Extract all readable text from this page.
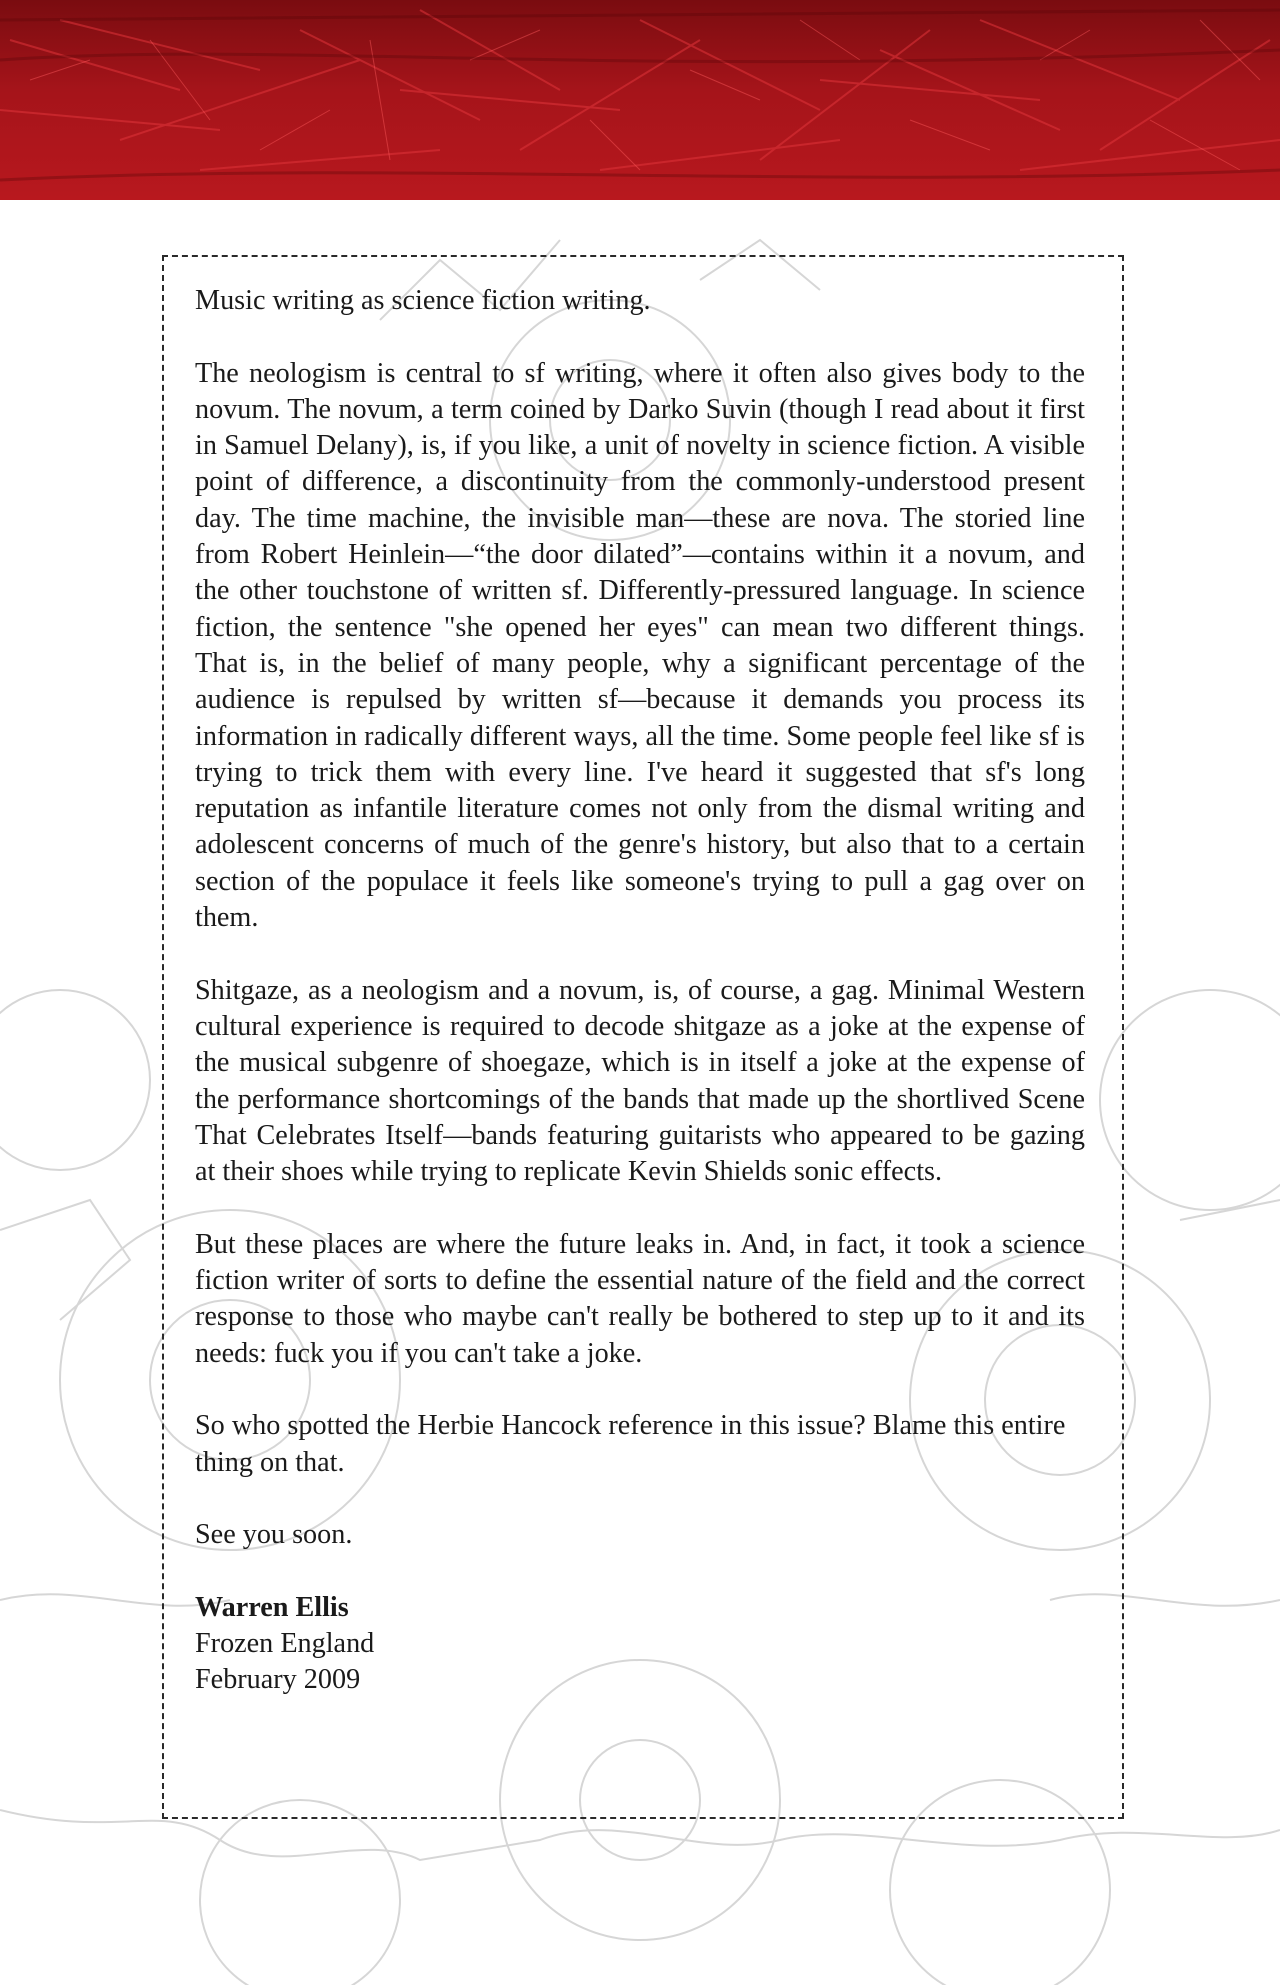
Music writing as science fiction writing.

The neologism is central to sf writing, where it often also gives body to the novum. The novum, a term coined by Darko Suvin (though I read about it first in Samuel Delany), is, if you like, a unit of novelty in science fiction. A visible point of difference, a discontinuity from the commonly-understood present day. The time machine, the invisible man—these are nova. The storied line from Robert Heinlein—“the door dilated”—contains within it a novum, and the other touchstone of written sf. Differently-pressured language. In science fiction, the sentence "she opened her eyes" can mean two different things. That is, in the belief of many people, why a significant percentage of the audience is repulsed by written sf—because it demands you process its information in radically different ways, all the time. Some people feel like sf is trying to trick them with every line. I've heard it suggested that sf's long reputation as infantile literature comes not only from the dismal writing and adolescent concerns of much of the genre's history, but also that to a certain section of the populace it feels like someone's trying to pull a gag over on them.

Shitgaze, as a neologism and a novum, is, of course, a gag. Minimal Western cultural experience is required to decode shitgaze as a joke at the expense of the musical subgenre of shoegaze, which is in itself a joke at the expense of the performance shortcomings of the bands that made up the shortlived Scene That Celebrates Itself—bands featuring guitarists who appeared to be gazing at their shoes while trying to replicate Kevin Shields sonic effects.

But these places are where the future leaks in. And, in fact, it took a science fiction writer of sorts to define the essential nature of the field and the correct response to those who maybe can't really be bothered to step up to it and its needs: fuck you if you can't take a joke.

So who spotted the Herbie Hancock reference in this issue? Blame this entire thing on that.

See you soon.

Warren Ellis
Frozen England
February 2009
